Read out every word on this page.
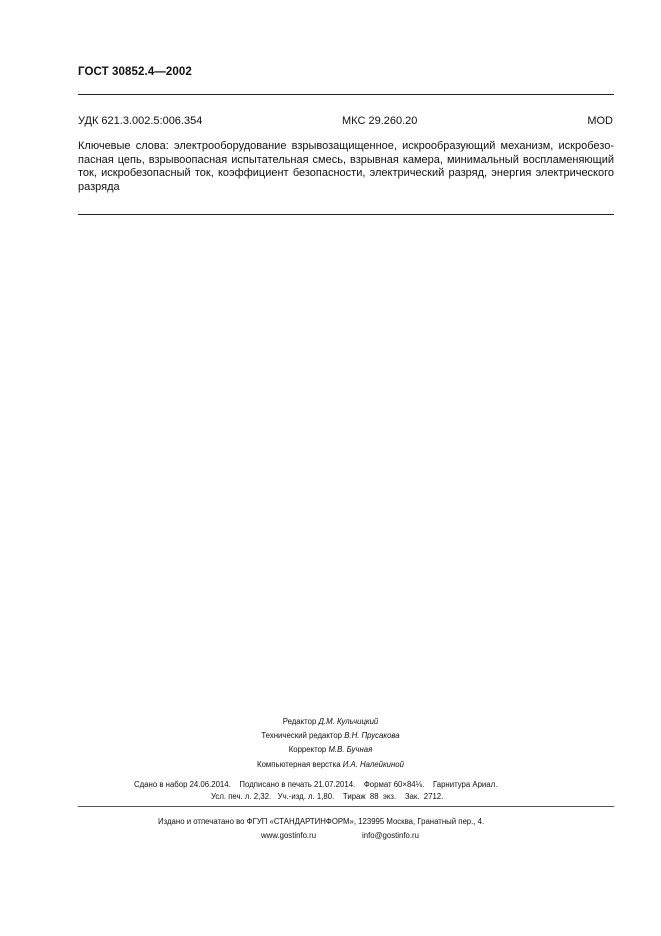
ГОСТ 30852.4—2002
УДК 621.3.002.5:006.354	МКС 29.260.20	MOD
Ключевые слова: электрооборудование взрывозащищенное, искрообразующий механизм, искробезо-
пасная цепь, взрывоопасная испытательная смесь, взрывная камера, минимальный воспламеняющий
ток, искробезопасный ток, коэффициент безопасности, электрический разряд, энергия электрического
разряда
Редактор Д.М. Кульчицкий
Технический редактор В.Н. Прусакова
Корректор М.В. Бучная
Компьютерная верстка И.А. Налейкиной
Сдано в набор 24.06.2014.    Подписано в печать 21.07.2014.    Формат 60×84⅛.    Гарнитура Ариал.
Усл. печ. л. 2,32.   Уч.-изд. л. 1,80.    Тираж  88  экз.    Зак.  2712.
Издано и отпечатано во ФГУП «СТАНДАРТИНФОРМ», 123995 Москва, Гранатный пер., 4.
www.gostinfo.ru	info@gostinfo.ru
